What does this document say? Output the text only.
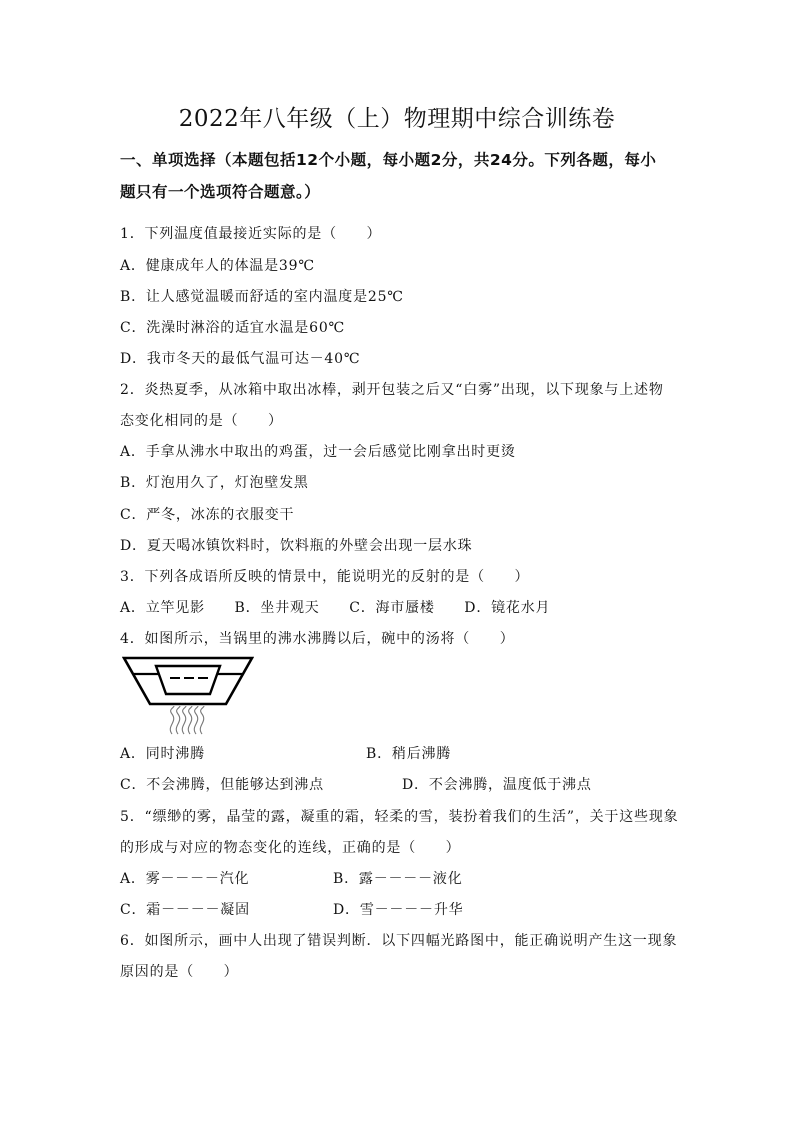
2022年八年级（上）物理期中综合训练卷
一、单项选择（本题包括12个小题，每小题2分，共24分。下列各题，每小
题只有一个选项符合题意。）
1．下列温度值最接近实际的是（　　）
A．健康成年人的体温是39℃
B．让人感觉温暖而舒适的室内温度是25℃
C．洗澡时淋浴的适宜水温是60℃
D．我市冬天的最低气温可达－40℃
2．炎热夏季，从冰箱中取出冰棒，剥开包装之后又“白雾”出现，以下现象与上述物
态变化相同的是（　　）
A．手拿从沸水中取出的鸡蛋，过一会后感觉比刚拿出时更烫
B．灯泡用久了，灯泡壁发黑
C．严冬，冰冻的衣服变干
D．夏天喝冰镇饮料时，饮料瓶的外壁会出现一层水珠
3．下列各成语所反映的情景中，能说明光的反射的是（　　）
A．立竿见影　　B．坐井观天　　C．海市蜃楼　　D．镜花水月
4．如图所示，当锅里的沸水沸腾以后，碗中的汤将（　　）
A．同时沸腾	B．稍后沸腾
C．不会沸腾，但能够达到沸点	D．不会沸腾，温度低于沸点
5．“缥缈的雾，晶莹的露，凝重的霜，轻柔的雪，装扮着我们的生活”，关于这些现象
的形成与对应的物态变化的连线，正确的是（　　）
A．雾－－－－汽化	B．露－－－－液化
C．霜－－－－凝固	D．雪－－－－升华
6．如图所示，画中人出现了错误判断．以下四幅光路图中，能正确说明产生这一现象
原因的是（　　）
